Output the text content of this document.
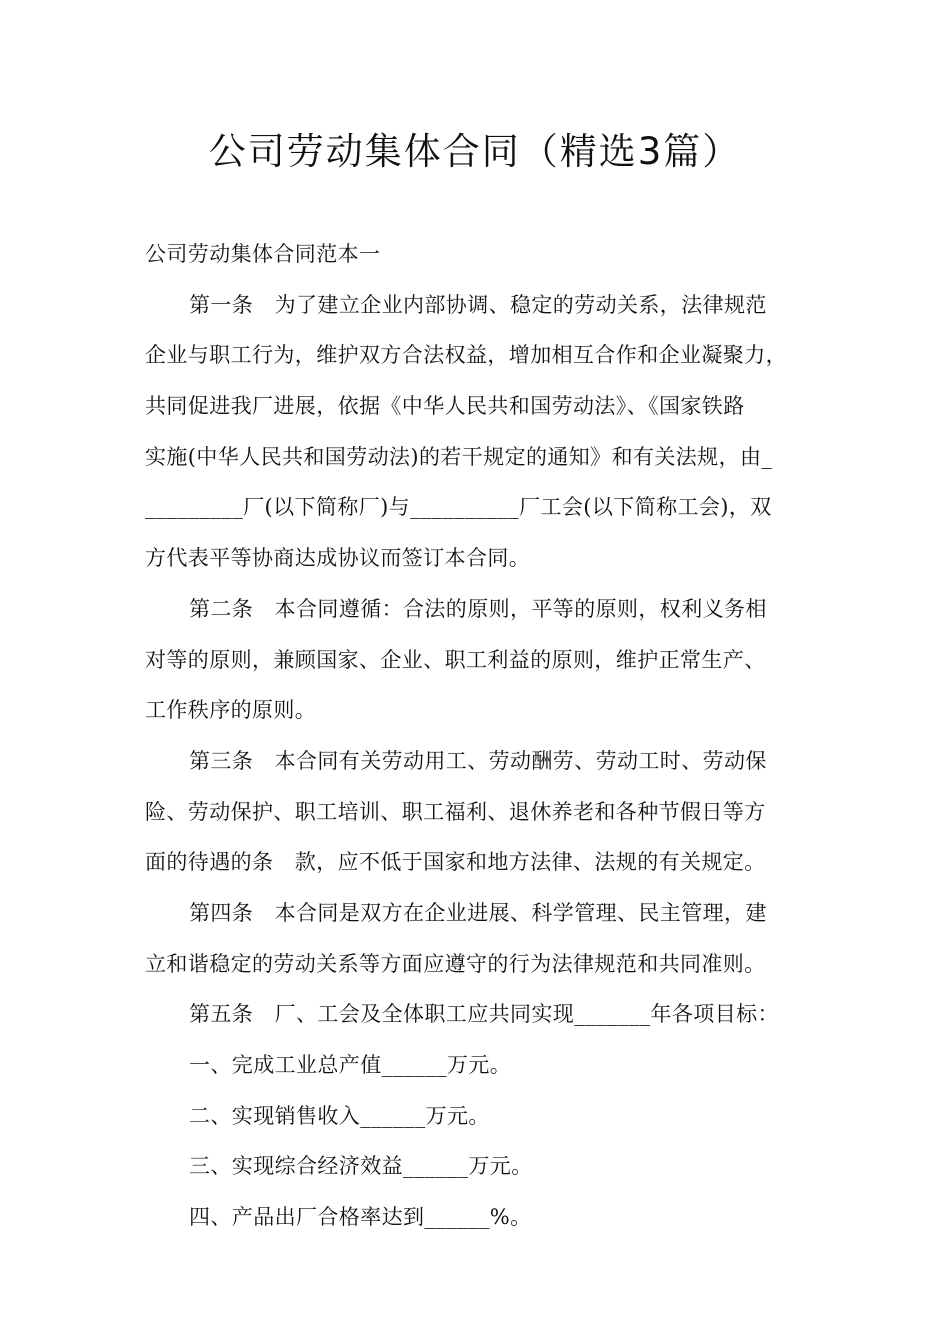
公司劳动集体合同（精选3篇）
公司劳动集体合同范本一
第一条　为了建立企业内部协调、稳定的劳动关系，法律规范
企业与职工行为，维护双方合法权益，增加相互合作和企业凝聚力，
共同促进我厂进展，依据《中华人民共和国劳动法》、《国家铁路
实施(中华人民共和国劳动法)的若干规定的通知》和有关法规，由_
_________厂(以下简称厂)与__________厂工会(以下简称工会)，双
方代表平等协商达成协议而签订本合同。
第二条　本合同遵循：合法的原则，平等的原则，权利义务相
对等的原则，兼顾国家、企业、职工利益的原则，维护正常生产、
工作秩序的原则。
第三条　本合同有关劳动用工、劳动酬劳、劳动工时、劳动保
险、劳动保护、职工培训、职工福利、退休养老和各种节假日等方
面的待遇的条　款，应不低于国家和地方法律、法规的有关规定。
第四条　本合同是双方在企业进展、科学管理、民主管理，建
立和谐稳定的劳动关系等方面应遵守的行为法律规范和共同准则。
第五条　厂、工会及全体职工应共同实现_______年各项目标：
一、完成工业总产值______万元。
二、实现销售收入______万元。
三、实现综合经济效益______万元。
四、产品出厂合格率达到______%。
